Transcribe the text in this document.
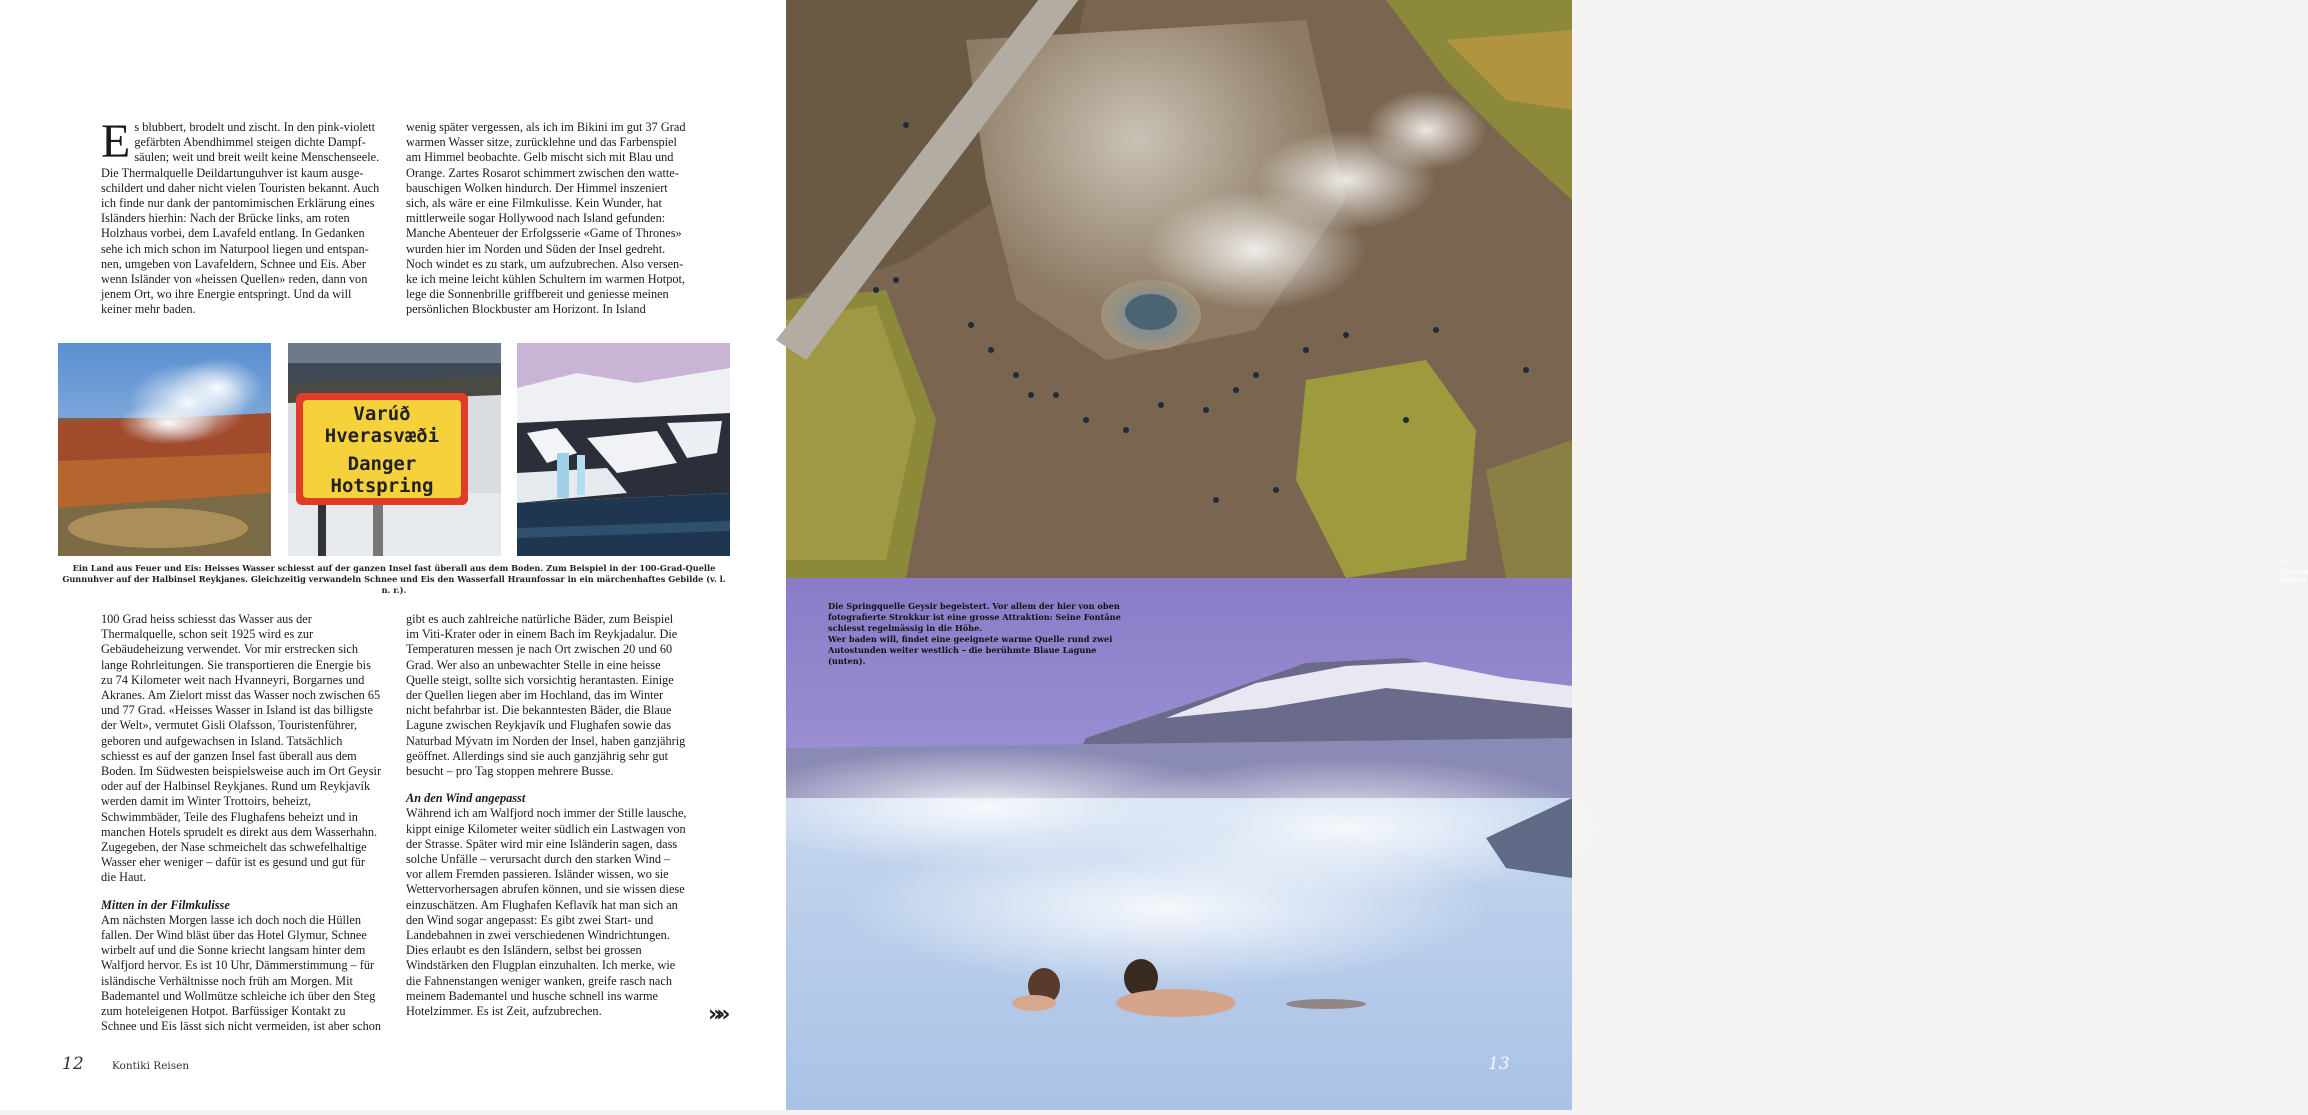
Es blubbert, brodelt und zischt. In den pink-violett gefärbten Abendhimmel steigen dichte Dampfsäulen; weit und breit weilt keine Menschenseele. Die Thermalquelle Deildartunguhver ist kaum ausgeschildert und daher nicht vielen Touristen bekannt. Auch ich finde nur dank der pantomimischen Erklärung eines Isländers hierhin: Nach der Brücke links, am roten Holzhaus vorbei, dem Lavafeld entlang. In Gedanken sehe ich mich schon im Naturpool liegen und entspannen, umgeben von Lavafeldern, Schnee und Eis. Aber wenn Isländer von «heissen Quellen» reden, dann von jenem Ort, wo ihre Energie entspringt. Und da will keiner mehr baden.

wenig später vergessen, als ich im Bikini im gut 37 Grad warmen Wasser sitze, zurücklehne und das Farbenspiel am Himmel beobachte. Gelb mischt sich mit Blau und Orange. Zartes Rosarot schimmert zwischen den wattebauschigen Wolken hindurch. Der Himmel inszeniert sich, als wäre er eine Filmkulisse. Kein Wunder, hat mittlerweile sogar Hollywood nach Island gefunden: Manche Abenteuer der Erfolgsserie «Game of Thrones» wurden hier im Norden und Süden der Insel gedreht. Noch windet es zu stark, um aufzubrechen. Also versenke ich meine leicht kühlen Schultern im warmen Hotpot, lege die Sonnenbrille griffbereit und geniesse meinen persönlichen Blockbuster am Horizont. In Island

Varúð
Hverasvæði
Danger
Hotspring
Ein Land aus Feuer und Eis: Heisses Wasser schiesst auf der ganzen Insel fast überall aus dem Boden. Zum Beispiel in der 100-Grad-Quelle Gunnuhver auf der Halbinsel Reykjanes. Gleichzeitig verwandeln Schnee und Eis den Wasserfall Hraunfossar in ein märchenhaftes Gebilde (v. l. n. r.).

100 Grad heiss schiesst das Wasser aus der Thermalquelle, schon seit 1925 wird es zur Gebäudeheizung verwendet. Vor mir erstrecken sich lange Rohrleitungen. Sie transportieren die Energie bis zu 74 Kilometer weit nach Hvanneyri, Borgarnes und Akranes. Am Zielort misst das Wasser noch zwischen 65 und 77 Grad. «Heisses Wasser in Island ist das billigste der Welt», vermutet Gisli Olafsson, Touristenführer, geboren und aufgewachsen in Island. Tatsächlich schiesst es auf der ganzen Insel fast überall aus dem Boden. Im Südwesten beispielsweise auch im Ort Geysir oder auf der Halbinsel Reykjanes. Rund um Reykjavík werden damit im Winter Trottoirs, beheizt, Schwimmbäder, Teile des Flughafens beheizt und in manchen Hotels sprudelt es direkt aus dem Wasserhahn. Zugegeben, der Nase schmeichelt das schwefelhaltige Wasser eher weniger – dafür ist es gesund und gut für die Haut.

Mitten in der Filmkulisse

Am nächsten Morgen lasse ich doch noch die Hüllen fallen. Der Wind bläst über das Hotel Glymur, Schnee wirbelt auf und die Sonne kriecht langsam hinter dem Walfjord hervor. Es ist 10 Uhr, Dämmerstimmung – für isländische Verhältnisse noch früh am Morgen. Mit Bademantel und Wollmütze schleiche ich über den Steg zum hoteleigenen Hotpot. Barfüssiger Kontakt zu Schnee und Eis lässt sich nicht vermeiden, ist aber schon

gibt es auch zahlreiche natürliche Bäder, zum Beispiel im Viti-Krater oder in einem Bach im Reykjadalur. Die Temperaturen messen je nach Ort zwischen 20 und 60 Grad. Wer also an unbewachter Stelle in eine heisse Quelle steigt, sollte sich vorsichtig herantasten. Einige der Quellen liegen aber im Hochland, das im Winter nicht befahrbar ist. Die bekanntesten Bäder, die Blaue Lagune zwischen Reykjavík und Flughafen sowie das Naturbad Mývatn im Norden der Insel, haben ganzjährig geöffnet. Allerdings sind sie auch ganzjährig sehr gut besucht – pro Tag stoppen mehrere Busse.

An den Wind angepasst

Während ich am Walfjord noch immer der Stille lausche, kippt einige Kilometer weiter südlich ein Lastwagen von der Strasse. Später wird mir eine Isländerin sagen, dass solche Unfälle – verursacht durch den starken Wind – vor allem Fremden passieren. Isländer wissen, wo sie Wettervorhersagen abrufen können, und sie wissen diese einzuschätzen. Am Flughafen Keflavík hat man sich an den Wind sogar angepasst: Es gibt zwei Start- und Landebahnen in zwei verschiedenen Windrichtungen. Dies erlaubt es den Isländern, selbst bei grossen Windstärken den Flugplan einzuhalten. Ich merke, wie die Fahnenstangen weniger wanken, greife rasch nach meinem Bademantel und husche schnell ins warme Hotelzimmer. Es ist Zeit, aufzubrechen.	»»
12	Kontiki Reisen
© Sandra Walser
13
Die Springquelle Geysir begeistert. Vor allem der hier von oben fotografierte Strokkur ist eine grosse Attraktion: Seine Fontäne schiesst regelmässig in die Höhe.
Wer baden will, findet eine geeignete warme Quelle rund zwei Autostunden weiter westlich – die berühmte Blaue Lagune (unten).
